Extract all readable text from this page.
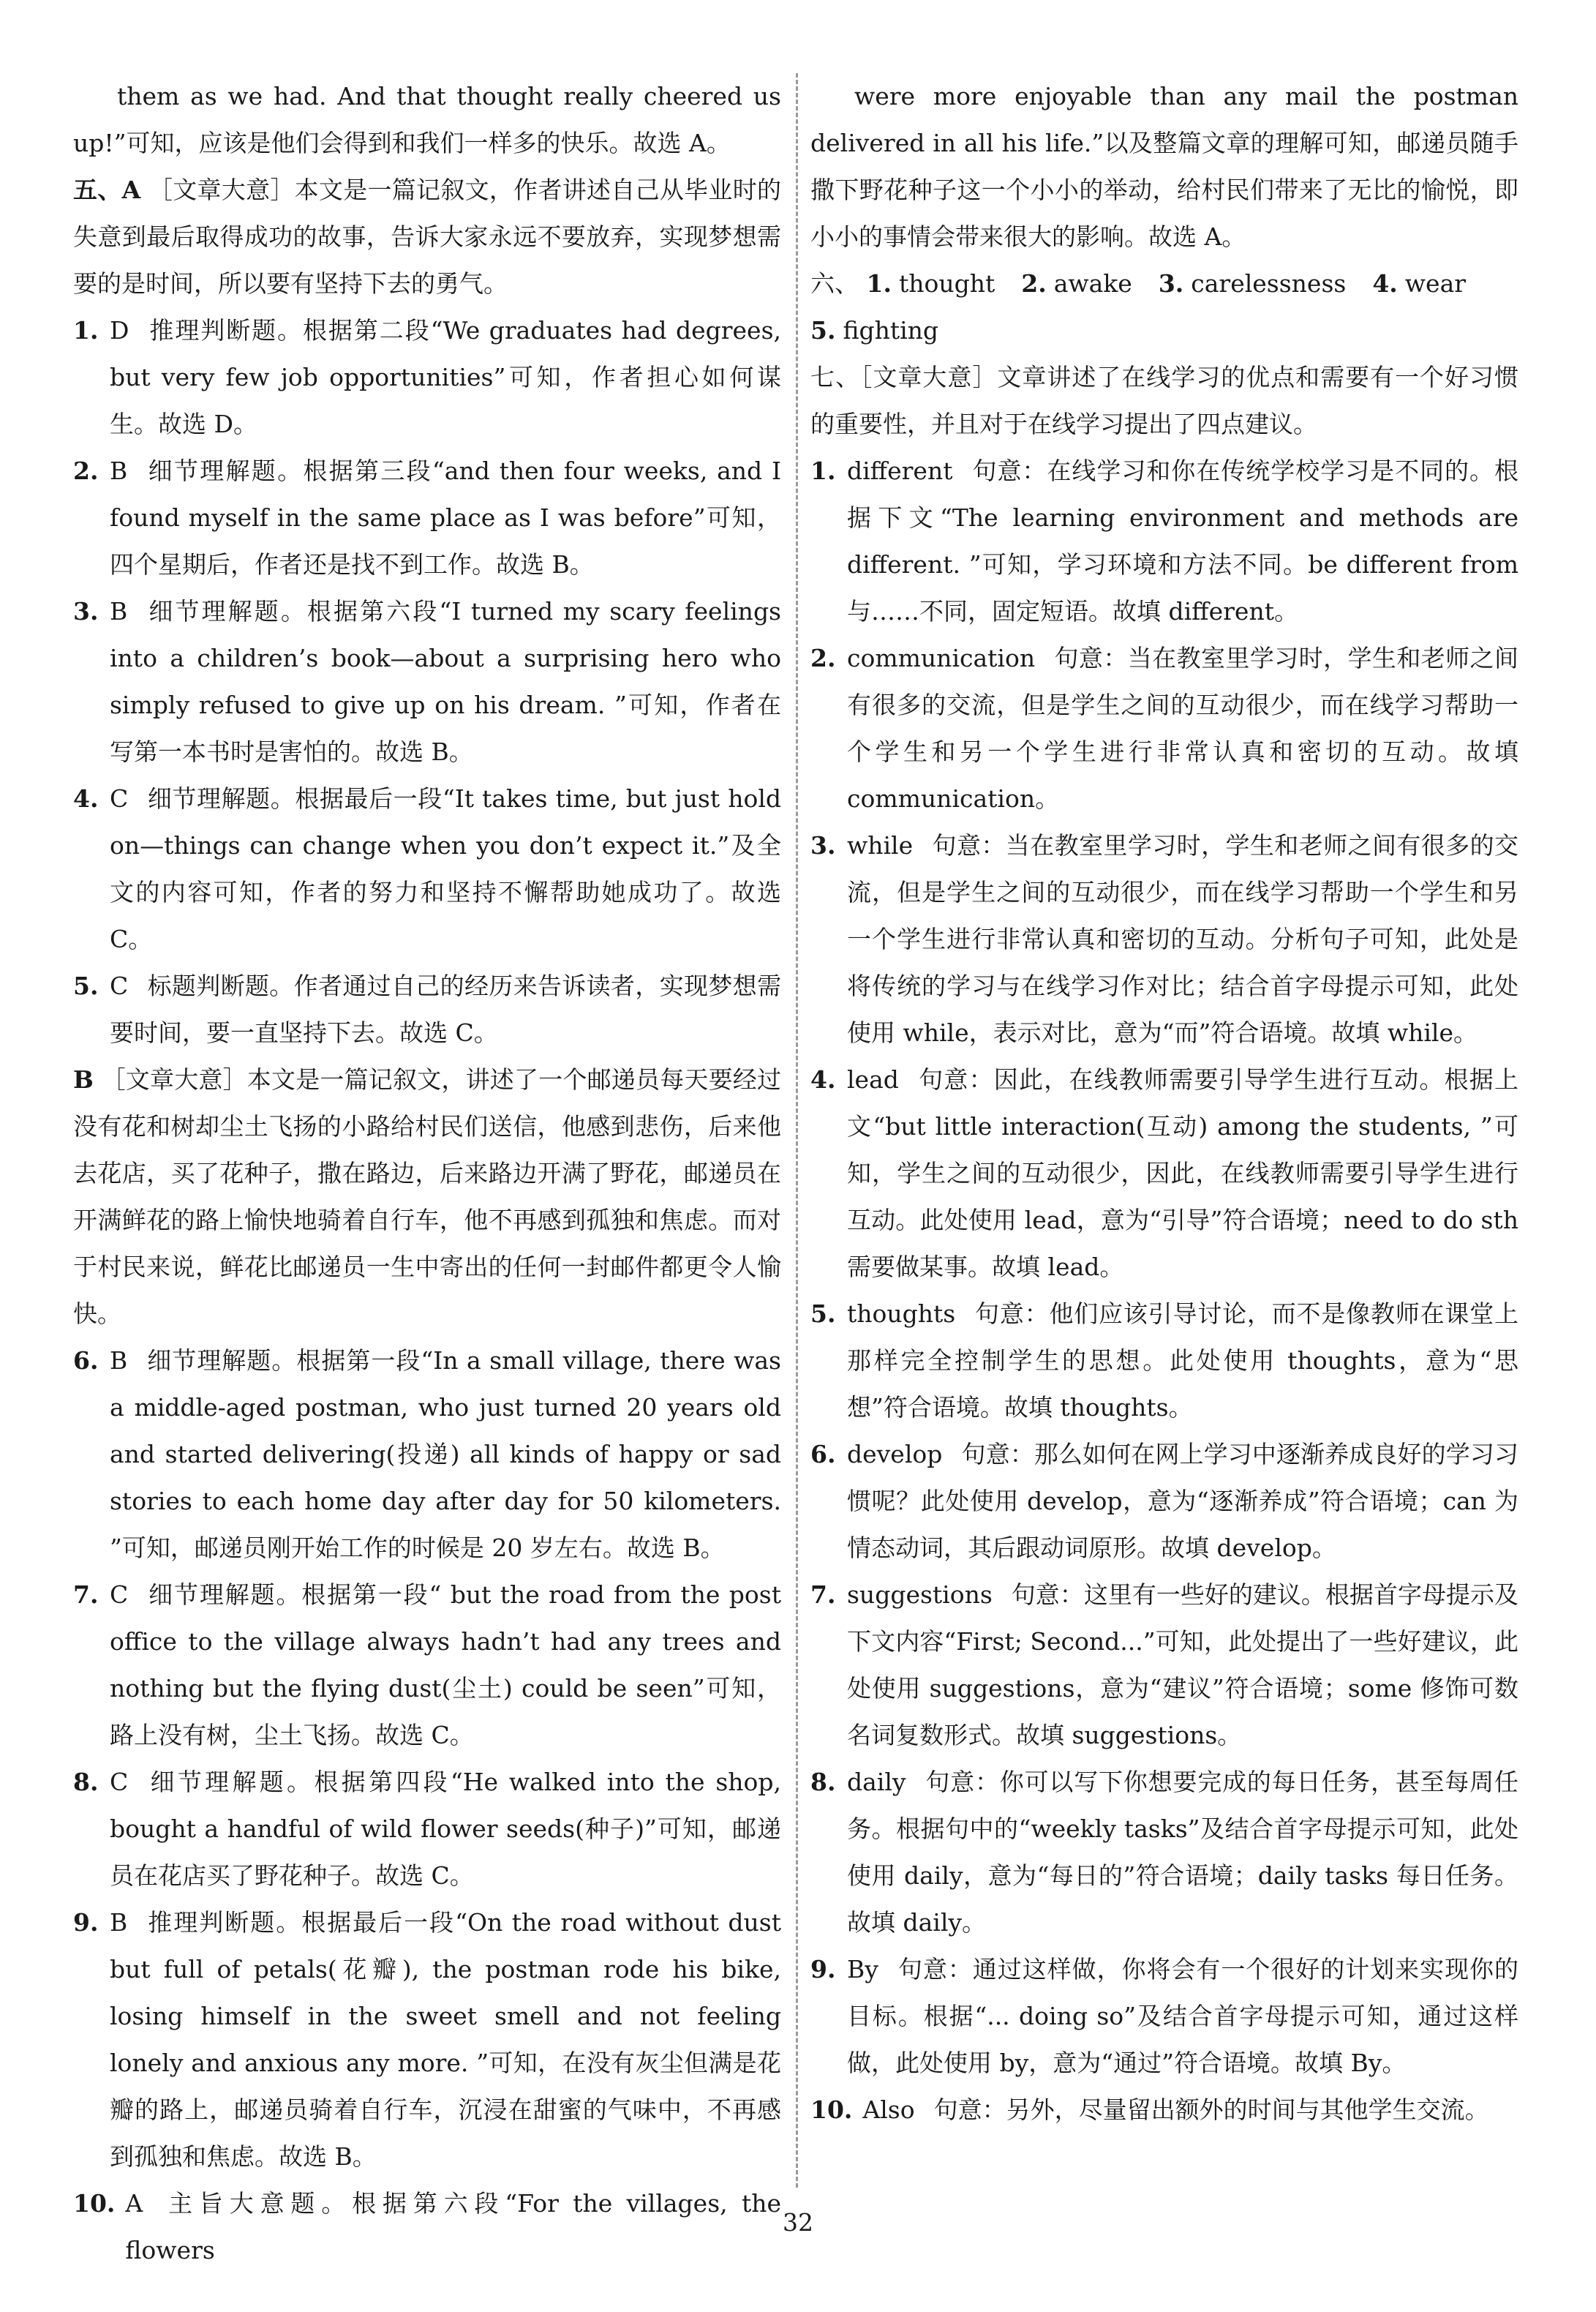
them as we had. And that thought really cheered us up!”可知，应该是他们会得到和我们一样多的快乐。故选 A。

五、A ［文章大意］本文是一篇记叙文，作者讲述自己从毕业时的失意到最后取得成功的故事，告诉大家永远不要放弃，实现梦想需要的是时间，所以要有坚持下去的勇气。

1. D 推理判断题。根据第二段“We graduates had degrees, but very few job opportunities”可知，作者担心如何谋生。故选 D。
2. B 细节理解题。根据第三段“and then four weeks, and I found myself in the same place as I was before”可知，四个星期后，作者还是找不到工作。故选 B。
3. B 细节理解题。根据第六段“I turned my scary feelings into a children’s book—about a surprising hero who simply refused to give up on his dream. ”可知，作者在写第一本书时是害怕的。故选 B。
4. C 细节理解题。根据最后一段“It takes time, but just hold on—things can change when you don’t expect it.”及全文的内容可知，作者的努力和坚持不懈帮助她成功了。故选 C。
5. C 标题判断题。作者通过自己的经历来告诉读者，实现梦想需要时间，要一直坚持下去。故选 C。

B ［文章大意］本文是一篇记叙文，讲述了一个邮递员每天要经过没有花和树却尘土飞扬的小路给村民们送信，他感到悲伤，后来他去花店，买了花种子，撒在路边，后来路边开满了野花，邮递员在开满鲜花的路上愉快地骑着自行车，他不再感到孤独和焦虑。而对于村民来说，鲜花比邮递员一生中寄出的任何一封邮件都更令人愉快。

6. B 细节理解题。根据第一段“In a small village, there was a middle-aged postman, who just turned 20 years old and started delivering(投递) all kinds of happy or sad stories to each home day after day for 50 kilometers. ”可知，邮递员刚开始工作的时候是 20 岁左右。故选 B。
7. C 细节理解题。根据第一段“ but the road from the post office to the village always hadn’t had any trees and nothing but the flying dust(尘土) could be seen”可知，路上没有树，尘土飞扬。故选 C。
8. C 细节理解题。根据第四段“He walked into the shop, bought a handful of wild flower seeds(种子)”可知，邮递员在花店买了野花种子。故选 C。
9. B 推理判断题。根据最后一段“On the road without dust but full of petals(花瓣), the postman rode his bike, losing himself in the sweet smell and not feeling lonely and anxious any more. ”可知，在没有灰尘但满是花瓣的路上，邮递员骑着自行车，沉浸在甜蜜的气味中，不再感到孤独和焦虑。故选 B。
10. A 主旨大意题。根据第六段“For the villages, the flowers

were more enjoyable than any mail the postman delivered in all his life.”以及整篇文章的理解可知，邮递员随手撒下野花种子这一个小小的举动，给村民们带来了无比的愉悦，即小小的事情会带来很大的影响。故选 A。

六、 1. thought 2. awake 3. carelessness 4. wear
5. fighting

七、［文章大意］文章讲述了在线学习的优点和需要有一个好习惯的重要性，并且对于在线学习提出了四点建议。

1. different 句意：在线学习和你在传统学校学习是不同的。根据下文“The learning environment and methods are different. ”可知，学习环境和方法不同。be different from 与……不同，固定短语。故填 different。
2. communication 句意：当在教室里学习时，学生和老师之间有很多的交流，但是学生之间的互动很少，而在线学习帮助一个学生和另一个学生进行非常认真和密切的互动。故填 communication。
3. while 句意：当在教室里学习时，学生和老师之间有很多的交流，但是学生之间的互动很少，而在线学习帮助一个学生和另一个学生进行非常认真和密切的互动。分析句子可知，此处是将传统的学习与在线学习作对比；结合首字母提示可知，此处使用 while，表示对比，意为“而”符合语境。故填 while。
4. lead 句意：因此，在线教师需要引导学生进行互动。根据上文“but little interaction(互动) among the students, ”可知，学生之间的互动很少，因此，在线教师需要引导学生进行互动。此处使用 lead，意为“引导”符合语境；need to do sth 需要做某事。故填 lead。
5. thoughts 句意：他们应该引导讨论，而不是像教师在课堂上那样完全控制学生的思想。此处使用 thoughts，意为“思想”符合语境。故填 thoughts。
6. develop 句意：那么如何在网上学习中逐渐养成良好的学习习惯呢？此处使用 develop，意为“逐渐养成”符合语境；can 为情态动词，其后跟动词原形。故填 develop。
7. suggestions 句意：这里有一些好的建议。根据首字母提示及下文内容“First; Second...”可知，此处提出了一些好建议，此处使用 suggestions，意为“建议”符合语境；some 修饰可数名词复数形式。故填 suggestions。
8. daily 句意：你可以写下你想要完成的每日任务，甚至每周任务。根据句中的“weekly tasks”及结合首字母提示可知，此处使用 daily，意为“每日的”符合语境；daily tasks 每日任务。故填 daily。
9. By 句意：通过这样做，你将会有一个很好的计划来实现你的目标。根据“... doing so”及结合首字母提示可知，通过这样做，此处使用 by，意为“通过”符合语境。故填 By。
10. Also 句意：另外，尽量留出额外的时间与其他学生交流。
32
